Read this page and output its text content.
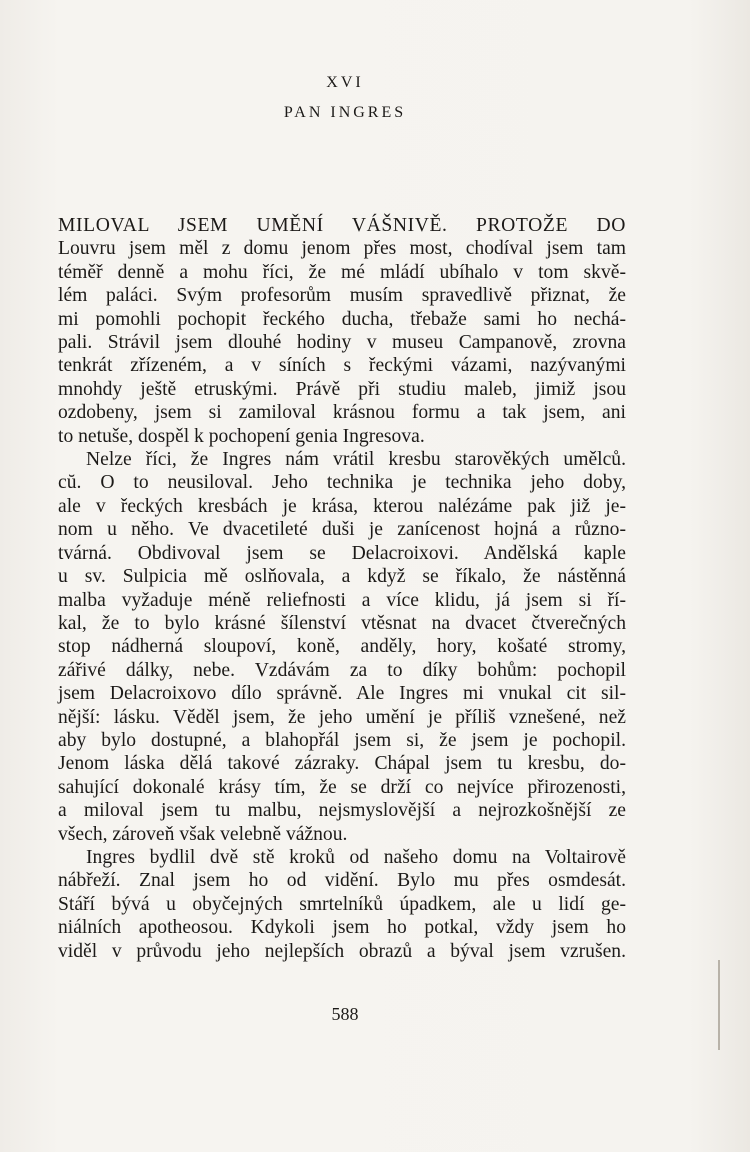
XVI
PAN INGRES
MILOVAL JSEM UMĚNÍ VÁŠNIVĚ. PROTOŽE DO
Louvru jsem měl z domu jenom přes most, chodíval jsem tam
téměř denně a mohu říci, že mé mládí ubíhalo v tom skvě-
lém paláci. Svým profesorům musím spravedlivě přiznat, že
mi pomohli pochopit řeckého ducha, třebaže sami ho nechá-
pali. Strávil jsem dlouhé hodiny v museu Campanově, zrovna
tenkrát zřízeném, a v síních s řeckými vázami, nazývanými
mnohdy ještě etruskými. Právě při studiu maleb, jimiž jsou
ozdobeny, jsem si zamiloval krásnou formu a tak jsem, ani
to netuše, dospěl k pochopení genia Ingresova.
Nelze říci, že Ingres nám vrátil kresbu starověkých umělců.
cŭ. O to neusiloval. Jeho technika je technika jeho doby,
ale v řeckých kresbách je krása, kterou nalézáme pak již je-
nom u něho. Ve dvacetileté duši je zanícenost hojná a různo-
tvárná. Obdivoval jsem se Delacroixovi. Andělská kaple
u sv. Sulpicia mě oslňovala, a když se říkalo, že nástěnná
malba vyžaduje méně reliefnosti a více klidu, já jsem si ří-
kal, že to bylo krásné šílenství vtěsnat na dvacet čtverečných
stop nádherná sloupoví, koně, anděly, hory, košaté stromy,
zářivé dálky, nebe. Vzdávám za to díky bohům: pochopil
jsem Delacroixovo dílo správně. Ale Ingres mi vnukal cit sil-
nější: lásku. Věděl jsem, že jeho umění je příliš vznešené, než
aby bylo dostupné, a blahopřál jsem si, že jsem je pochopil.
Jenom láska dělá takové zázraky. Chápal jsem tu kresbu, do-
sahující dokonalé krásy tím, že se drží co nejvíce přirozenosti,
a miloval jsem tu malbu, nejsmyslovější a nejrozkošnější ze
všech, zároveň však velebně vážnou.
Ingres bydlil dvě stě kroků od našeho domu na Voltairově
nábřeží. Znal jsem ho od vidění. Bylo mu přes osmdesát.
Stáří bývá u obyčejných smrtelníků úpadkem, ale u lidí ge-
niálních apotheosou. Kdykoli jsem ho potkal, vždy jsem ho
viděl v průvodu jeho nejlepších obrazů a býval jsem vzrušen.
588
